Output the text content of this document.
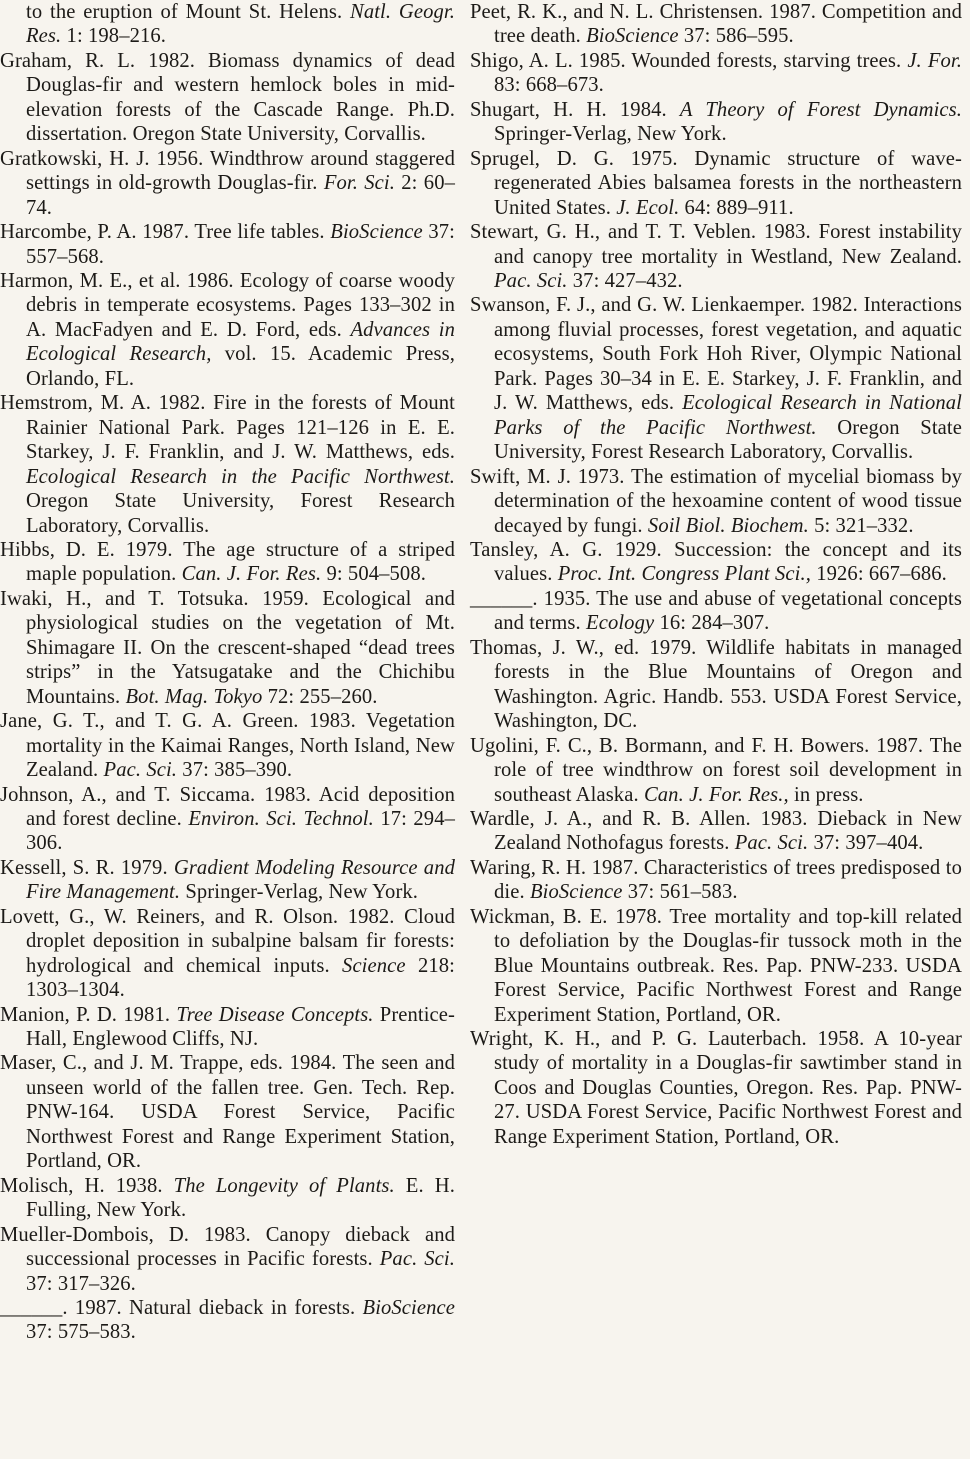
to the eruption of Mount St. Helens. Natl. Geogr. Res. 1: 198–216.

Graham, R. L. 1982. Biomass dynamics of dead Douglas-fir and western hemlock boles in mid-elevation forests of the Cascade Range. Ph.D. dissertation. Oregon State University, Corvallis.

Gratkowski, H. J. 1956. Windthrow around staggered settings in old-growth Douglas-fir. For. Sci. 2: 60–74.

Harcombe, P. A. 1987. Tree life tables. BioScience 37: 557–568.

Harmon, M. E., et al. 1986. Ecology of coarse woody debris in temperate ecosystems. Pages 133–302 in A. MacFadyen and E. D. Ford, eds. Advances in Ecological Research, vol. 15. Academic Press, Orlando, FL.

Hemstrom, M. A. 1982. Fire in the forests of Mount Rainier National Park. Pages 121–126 in E. E. Starkey, J. F. Franklin, and J. W. Matthews, eds. Ecological Research in the Pacific Northwest. Oregon State University, Forest Research Laboratory, Corvallis.

Hibbs, D. E. 1979. The age structure of a striped maple population. Can. J. For. Res. 9: 504–508.

Iwaki, H., and T. Totsuka. 1959. Ecological and physiological studies on the vegetation of Mt. Shimagare II. On the crescent-shaped “dead trees strips” in the Yatsugatake and the Chichibu Mountains. Bot. Mag. Tokyo 72: 255–260.

Jane, G. T., and T. G. A. Green. 1983. Vegetation mortality in the Kaimai Ranges, North Island, New Zealand. Pac. Sci. 37: 385–390.

Johnson, A., and T. Siccama. 1983. Acid deposition and forest decline. Environ. Sci. Technol. 17: 294–306.

Kessell, S. R. 1979. Gradient Modeling Resource and Fire Management. Springer-Verlag, New York.

Lovett, G., W. Reiners, and R. Olson. 1982. Cloud droplet deposition in subalpine balsam fir forests: hydrological and chemical inputs. Science 218: 1303–1304.

Manion, P. D. 1981. Tree Disease Concepts. Prentice-Hall, Englewood Cliffs, NJ.

Maser, C., and J. M. Trappe, eds. 1984. The seen and unseen world of the fallen tree. Gen. Tech. Rep. PNW-164. USDA Forest Service, Pacific Northwest Forest and Range Experiment Station, Portland, OR.

Molisch, H. 1938. The Longevity of Plants. E. H. Fulling, New York.

Mueller-Dombois, D. 1983. Canopy dieback and successional processes in Pacific forests. Pac. Sci. 37: 317–326.

______. 1987. Natural dieback in forests. BioScience 37: 575–583.

Peet, R. K., and N. L. Christensen. 1987. Competition and tree death. BioScience 37: 586–595.

Shigo, A. L. 1985. Wounded forests, starving trees. J. For. 83: 668–673.

Shugart, H. H. 1984. A Theory of Forest Dynamics. Springer-Verlag, New York.

Sprugel, D. G. 1975. Dynamic structure of wave-regenerated Abies balsamea forests in the northeastern United States. J. Ecol. 64: 889–911.

Stewart, G. H., and T. T. Veblen. 1983. Forest instability and canopy tree mortality in Westland, New Zealand. Pac. Sci. 37: 427–432.

Swanson, F. J., and G. W. Lienkaemper. 1982. Interactions among fluvial processes, forest vegetation, and aquatic ecosystems, South Fork Hoh River, Olympic National Park. Pages 30–34 in E. E. Starkey, J. F. Franklin, and J. W. Matthews, eds. Ecological Research in National Parks of the Pacific Northwest. Oregon State University, Forest Research Laboratory, Corvallis.

Swift, M. J. 1973. The estimation of mycelial biomass by determination of the hexoamine content of wood tissue decayed by fungi. Soil Biol. Biochem. 5: 321–332.

Tansley, A. G. 1929. Succession: the concept and its values. Proc. Int. Congress Plant Sci., 1926: 667–686.

______. 1935. The use and abuse of vegetational concepts and terms. Ecology 16: 284–307.

Thomas, J. W., ed. 1979. Wildlife habitats in managed forests in the Blue Mountains of Oregon and Washington. Agric. Handb. 553. USDA Forest Service, Washington, DC.

Ugolini, F. C., B. Bormann, and F. H. Bowers. 1987. The role of tree windthrow on forest soil development in southeast Alaska. Can. J. For. Res., in press.

Wardle, J. A., and R. B. Allen. 1983. Dieback in New Zealand Nothofagus forests. Pac. Sci. 37: 397–404.

Waring, R. H. 1987. Characteristics of trees predisposed to die. BioScience 37: 561–583.

Wickman, B. E. 1978. Tree mortality and top-kill related to defoliation by the Douglas-fir tussock moth in the Blue Mountains outbreak. Res. Pap. PNW-233. USDA Forest Service, Pacific Northwest Forest and Range Experiment Station, Portland, OR.

Wright, K. H., and P. G. Lauterbach. 1958. A 10-year study of mortality in a Douglas-fir sawtimber stand in Coos and Douglas Counties, Oregon. Res. Pap. PNW-27. USDA Forest Service, Pacific Northwest Forest and Range Experiment Station, Portland, OR.
